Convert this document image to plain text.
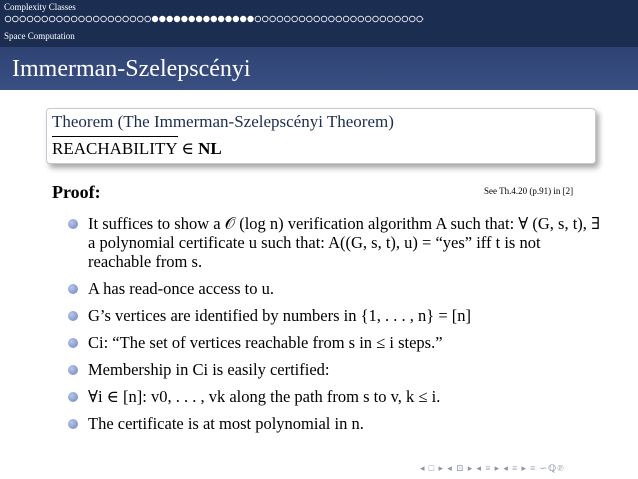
Complexity Classes
Space Computation
Immerman-Szelepscényi
Theorem (The Immerman-Szelepscényi Theorem)
REACHABILITY ∈ NL
Proof:	See Th.4.20 (p.91) in [2]
It suffices to show a 𝒪 (log n) verification algorithm A such that: ∀ (G, s, t), ∃ a polynomial certificate u such that: A((G, s, t), u) = “yes” iff t is not reachable from s.
A has read-once access to u.
G’s vertices are identified by numbers in {1, . . . , n} = [n]
Ci: “The set of vertices reachable from s in ≤ i steps.”
Membership in Ci is easily certified:
∀i ∈ [n]: v0, . . . , vk along the path from s to v, k ≤ i.
The certificate is at most polynomial in n.
◂ □ ▸ ◂ ⊡ ▸ ◂ ≡ ▸ ◂ ≡ ▸ ≡ ∽ℚ℗
